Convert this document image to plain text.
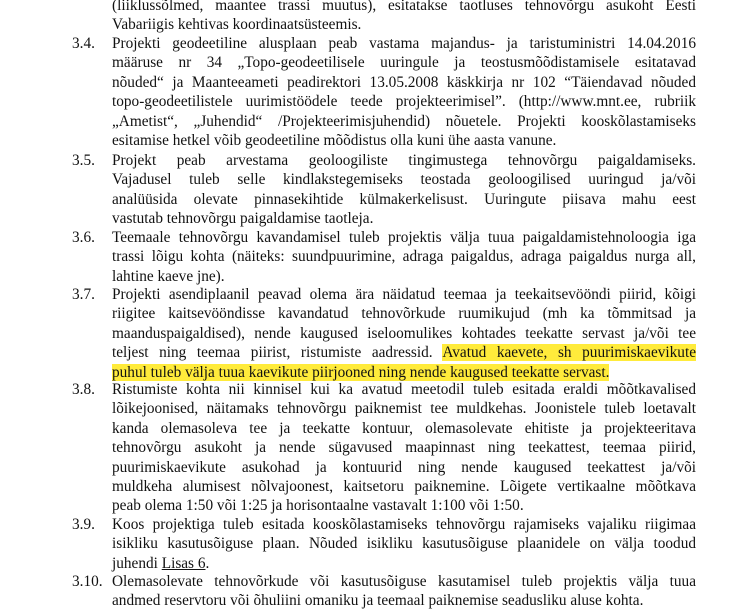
(liiklussõlmed, maantee trassi muutus), esitatakse taotluses tehnovõrgu asukoht Eesti
Vabariigis kehtivas koordinaatsüsteemis.
3.4.	Projekti geodeetiline alusplaan peab vastama majandus- ja taristuministri 14.04.2016
määruse nr 34 „Topo-geodeetilisele uuringule ja teostusmõõdistamisele esitatavad
nõuded“ ja Maanteeameti peadirektori 13.05.2008 käskkirja nr 102 “Täiendavad nõuded
topo-geodeetilistele uurimistöödele teede projekteerimisel”. (http://www.mnt.ee, rubriik
„Ametist“, „Juhendid“ /Projekteerimisjuhendid) nõuetele. Projekti kooskõlastamiseks
esitamise hetkel võib geodeetiline mõõdistus olla kuni ühe aasta vanune.
3.5.	Projekt peab arvestama geoloogiliste tingimustega tehnovõrgu paigaldamiseks.
Vajadusel tuleb selle kindlakstegemiseks teostada geoloogilised uuringud ja/või
analüüsida olevate pinnasekihtide külmakerkelisust. Uuringute piisava mahu eest
vastutab tehnovõrgu paigaldamise taotleja.
3.6.	Teemaale tehnovõrgu kavandamisel tuleb projektis välja tuua paigaldamistehnoloogia iga
trassi lõigu kohta (näiteks: suundpuurimine, adraga paigaldus, adraga paigaldus nurga all,
lahtine kaeve jne).
3.7.	Projekti asendiplaanil peavad olema ära näidatud teemaa ja teekaitsevööndi piirid, kõigi
riigitee kaitsevööndisse kavandatud tehnovõrkude ruumikujud (mh ka tõmmitsad ja
maanduspaigaldised), nende kaugused iseloomulikes kohtades teekatte servast ja/või tee
teljest ning teemaa piirist, ristumiste aadressid. Avatud kaevete, sh puurimiskaevikute
puhul tuleb välja tuua kaevikute piirjooned ning nende kaugused teekatte servast.
3.8.	Ristumiste kohta nii kinnisel kui ka avatud meetodil tuleb esitada eraldi mõõtkavalised
lõikejoonised, näitamaks tehnovõrgu paiknemist tee muldkehas. Joonistele tuleb loetavalt
kanda olemasoleva tee ja teekatte kontuur, olemasolevate ehitiste ja projekteeritava
tehnovõrgu asukoht ja nende sügavused maapinnast ning teekattest, teemaa piirid,
puurimiskaevikute asukohad ja kontuurid ning nende kaugused teekattest ja/või
muldkeha alumisest nõlvajoonest, kaitsetoru paiknemine. Lõigete vertikaalne mõõtkava
peab olema 1:50 või 1:25 ja horisontaalne vastavalt 1:100 või 1:50.
3.9.	Koos projektiga tuleb esitada kooskõlastamiseks tehnovõrgu rajamiseks vajaliku riigimaa
isikliku kasutusõiguse plaan. Nõuded isikliku kasutusõiguse plaanidele on välja toodud
juhendi Lisas 6.
3.10. Olemasolevate tehnovõrkude või kasutusõiguse kasutamisel tuleb projektis välja tuua
andmed reservtoru või õhuliini omaniku ja teemaal paiknemise seadusliku aluse kohta.
